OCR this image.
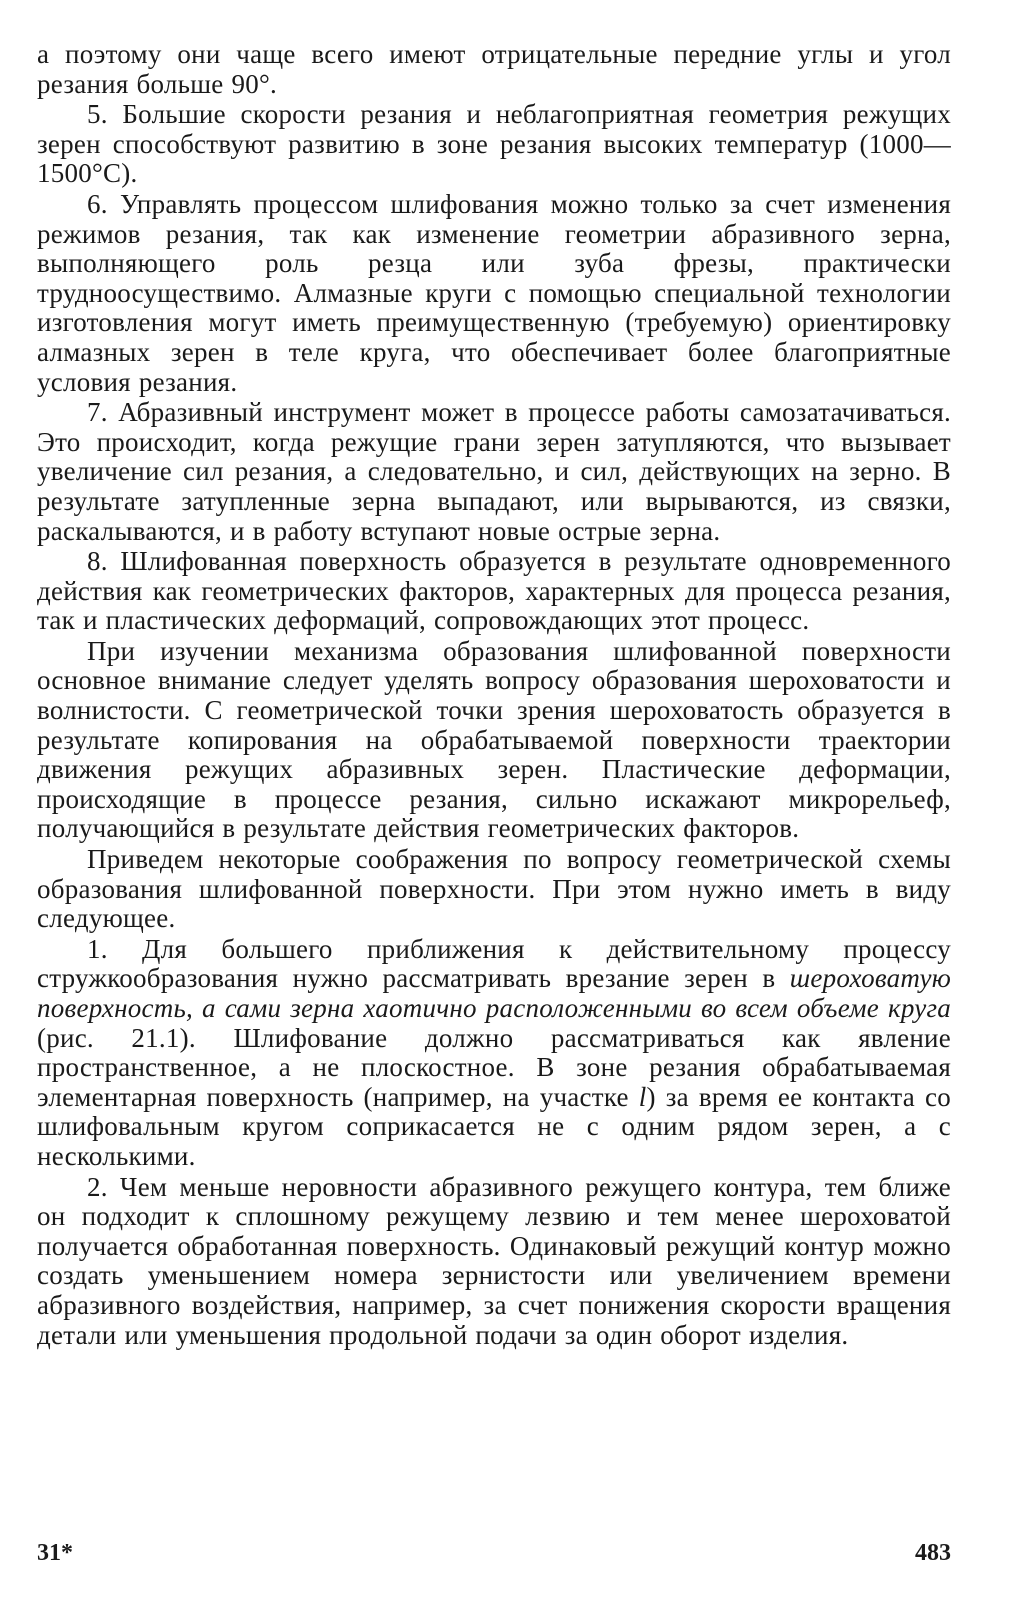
а поэтому они чаще всего имеют отрицательные передние углы и угол резания больше 90°.

5. Большие скорости резания и неблагоприятная геометрия режущих зерен способствуют развитию в зоне резания высоких температур (1000—1500°С).

6. Управлять процессом шлифования можно только за счет изменения режимов резания, так как изменение геометрии абразивного зерна, выполняющего роль резца или зуба фрезы, практически трудноосуществимо. Алмазные круги с помощью специальной технологии изготовления могут иметь преимущественную (требуемую) ориентировку алмазных зерен в теле круга, что обеспечивает более благоприятные условия резания.

7. Абразивный инструмент может в процессе работы самозатачиваться. Это происходит, когда режущие грани зерен затупляются, что вызывает увеличение сил резания, а следовательно, и сил, действующих на зерно. В результате затупленные зерна выпадают, или вырываются, из связки, раскалываются, и в работу вступают новые острые зерна.

8. Шлифованная поверхность образуется в результате одновременного действия как геометрических факторов, характерных для процесса резания, так и пластических деформаций, сопровождающих этот процесс.

При изучении механизма образования шлифованной поверхности основное внимание следует уделять вопросу образования шероховатости и волнистости. С геометрической точки зрения шероховатость образуется в результате копирования на обрабатываемой поверхности траектории движения режущих абразивных зерен. Пластические деформации, происходящие в процессе резания, сильно искажают микрорельеф, получающийся в результате действия геометрических факторов.

Приведем некоторые соображения по вопросу геометрической схемы образования шлифованной поверхности. При этом нужно иметь в виду следующее.

1. Для большего приближения к действительному процессу стружкообразования нужно рассматривать врезание зерен в шероховатую поверхность, а сами зерна хаотично расположенными во всем объеме круга (рис. 21.1). Шлифование должно рассматриваться как явление пространственное, а не плоскостное. В зоне резания обрабатываемая элементарная поверхность (например, на участке l) за время ее контакта со шлифовальным кругом соприкасается не с одним рядом зерен, а с несколькими.

2. Чем меньше неровности абразивного режущего контура, тем ближе он подходит к сплошному режущему лезвию и тем менее шероховатой получается обработанная поверхность. Одинаковый режущий контур можно создать уменьшением номера зернистости или увеличением времени абразивного воздействия, например, за счет понижения скорости вращения детали или уменьшения продольной подачи за один оборот изделия.

31*	483
